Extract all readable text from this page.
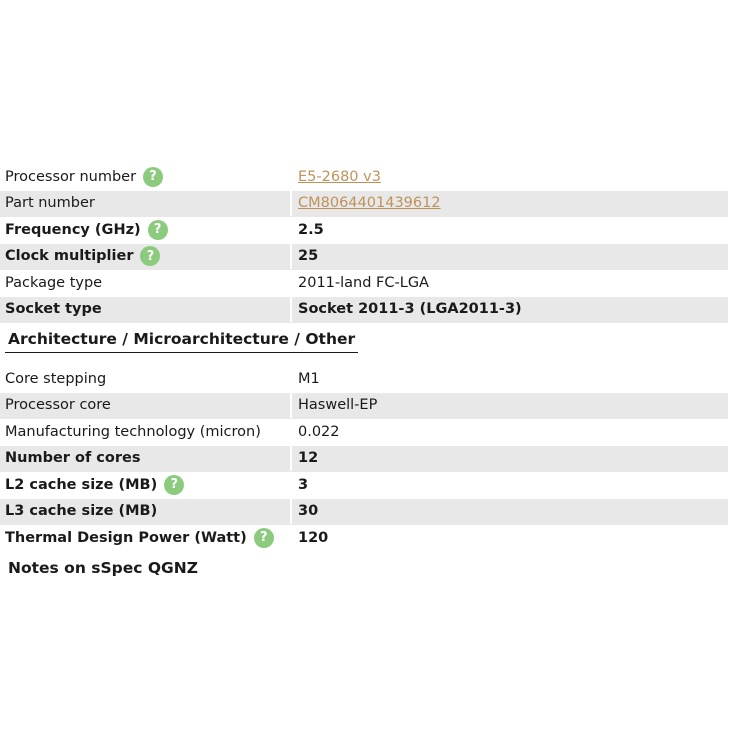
Processor number	?	E5-2680 v3
Part number	CM8064401439612
Frequency (GHz)	?	2.5
Clock multiplier	?	25
Package type	2011-land FC-LGA
Socket type	Socket 2011-3 (LGA2011-3)
Architecture / Microarchitecture / Other
Core stepping	M1
Processor core	Haswell-EP
Manufacturing technology (micron)	0.022
Number of cores	12
L2 cache size (MB)	?	3
L3 cache size (MB)	30
Thermal Design Power (Watt)	?	120
Notes on sSpec QGNZ
